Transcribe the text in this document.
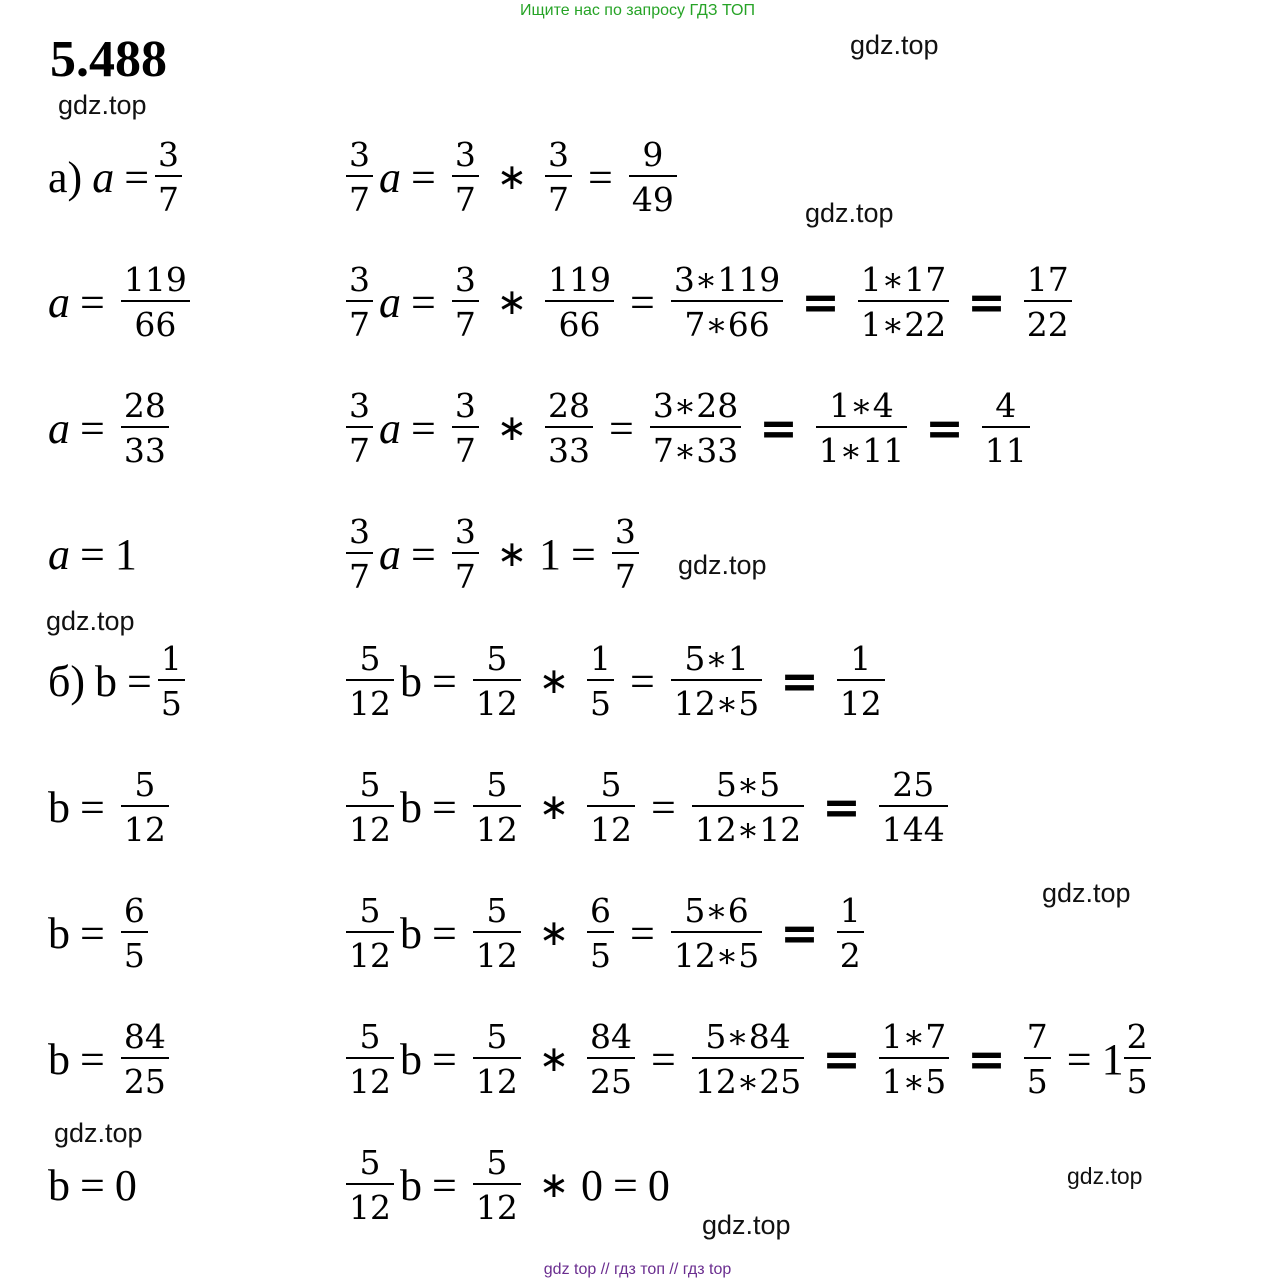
Ищите нас по запросу ГДЗ ТОП
5.488	gdz.top
gdz.top
gdz.top
gdz.top
gdz.top
gdz.top
gdz.top
gdz.top
gdz.top
а) $a = \frac{3}{7}$	$\frac{3}{7}$ $a = \frac{3}{7}$ ∗ $\frac{3}{7} = \frac{9}{49}$
$a = \frac{119}{66}$	$\frac{3}{7}$ $a = \frac{3}{7}$ ∗ $\frac{119}{66} = \frac{3∗119}{7∗66} = \frac{1∗17}{1∗22} = \frac{17}{22}$
$a = \frac{28}{33}$	$\frac{3}{7}$ $a = \frac{3}{7}$ ∗ $\frac{28}{33} = \frac{3∗28}{7∗33} = \frac{1∗4}{1∗11} = \frac{4}{11}$
a = 1	$\frac{3}{7}$ $a = \frac{3}{7}$ ∗ $1 = \frac{3}{7}$
б) $b = \frac{1}{5}$	$\frac{5}{12}$ $b = \frac{5}{12}$ ∗ $\frac{1}{5} = \frac{5∗1}{12∗5} = \frac{1}{12}$
$b = \frac{5}{12}$	$\frac{5}{12}$ $b = \frac{5}{12}$ ∗ $\frac{5}{12} = \frac{5∗5}{12∗12} = \frac{25}{144}$
$b = \frac{6}{5}$	$\frac{5}{12}$ $b = \frac{5}{12}$ ∗ $\frac{6}{5} = \frac{5∗6}{12∗5} = \frac{1}{2}$
$b = \frac{84}{25}$	$\frac{5}{12}$ $b = \frac{5}{12}$ ∗ $\frac{84}{25} = \frac{5∗84}{12∗25} = \frac{1∗7}{1∗5} = \frac{7}{5} = 1 \frac{2}{5}$
b = 0	$\frac{5}{12}$ $b = \frac{5}{12}$ ∗ 0 = 0
gdz top // гдз топ // гдз top
